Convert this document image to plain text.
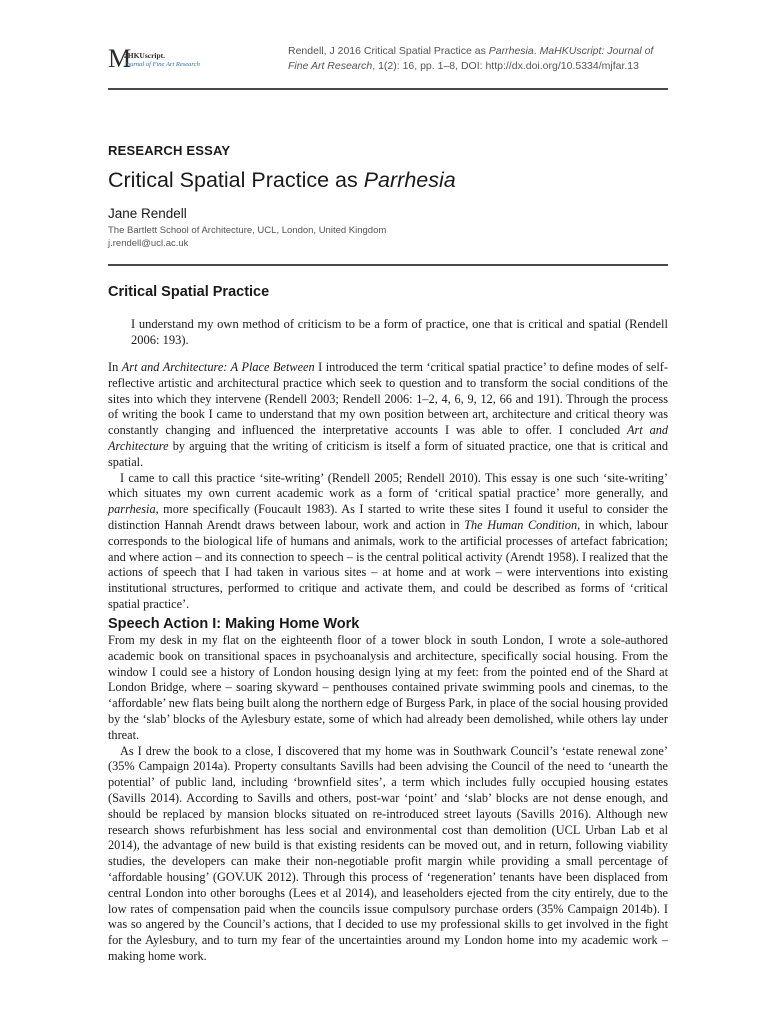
M
aHKUscript.
Journal of Fine Art Research
Rendell, J 2016 Critical Spatial Practice as Parrhesia. MaHKUscript: Journal of Fine Art Research, 1(2): 16, pp. 1–8, DOI: http://dx.doi.org/10.5334/mjfar.13
RESEARCH ESSAY
Critical Spatial Practice as Parrhesia
Jane Rendell
The Bartlett School of Architecture, UCL, London, United Kingdom
j.rendell@ucl.ac.uk
Critical Spatial Practice
I understand my own method of criticism to be a form of practice, one that is critical and spatial (Rendell 2006: 193).

In Art and Architecture: A Place Between I introduced the term ‘critical spatial practice’ to define modes of self-reflective artistic and architectural practice which seek to question and to transform the social conditions of the sites into which they intervene (Rendell 2003; Rendell 2006: 1–2, 4, 6, 9, 12, 66 and 191). Through the process of writing the book I came to understand that my own position between art, architecture and critical theory was constantly changing and influenced the interpretative accounts I was able to offer. I concluded Art and Architecture by arguing that the writing of criticism is itself a form of situated practice, one that is critical and spatial.

I came to call this practice ‘site-writing’ (Rendell 2005; Rendell 2010). This essay is one such ‘site-writing’ which situates my own current academic work as a form of ‘critical spatial practice’ more generally, and parrhesia, more specifically (Foucault 1983). As I started to write these sites I found it useful to consider the distinction Hannah Arendt draws between labour, work and action in The Human Condition, in which, labour corresponds to the biological life of humans and animals, work to the artificial processes of artefact fabrication; and where action – and its connection to speech – is the central political activity (Arendt 1958). I realized that the actions of speech that I had taken in various sites – at home and at work – were interventions into existing institutional structures, performed to critique and activate them, and could be described as forms of ‘critical spatial practice’.

Speech Action I: Making Home Work

From my desk in my flat on the eighteenth floor of a tower block in south London, I wrote a sole-authored academic book on transitional spaces in psychoanalysis and architecture, specifically social housing. From the window I could see a history of London housing design lying at my feet: from the pointed end of the Shard at London Bridge, where – soaring skyward – penthouses contained private swimming pools and cinemas, to the ‘affordable’ new flats being built along the northern edge of Burgess Park, in place of the social housing provided by the ‘slab’ blocks of the Aylesbury estate, some of which had already been demolished, while others lay under threat.

As I drew the book to a close, I discovered that my home was in Southwark Council’s ‘estate renewal zone’ (35% Campaign 2014a). Property consultants Savills had been advising the Council of the need to ‘unearth the potential’ of public land, including ‘brownfield sites’, a term which includes fully occupied housing estates (Savills 2014). According to Savills and others, post-war ‘point’ and ‘slab’ blocks are not dense enough, and should be replaced by mansion blocks situated on re-introduced street layouts (Savills 2016). Although new research shows refurbishment has less social and environmental cost than demolition (UCL Urban Lab et al 2014), the advantage of new build is that existing residents can be moved out, and in return, following viability studies, the developers can make their non-negotiable profit margin while providing a small percentage of ‘affordable housing’ (GOV.UK 2012). Through this process of ‘regeneration’ tenants have been displaced from central London into other boroughs (Lees et al 2014), and leaseholders ejected from the city entirely, due to the low rates of compensation paid when the councils issue compulsory purchase orders (35% Campaign 2014b). I was so angered by the Council’s actions, that I decided to use my professional skills to get involved in the fight for the Aylesbury, and to turn my fear of the uncertainties around my London home into my academic work – making home work.
